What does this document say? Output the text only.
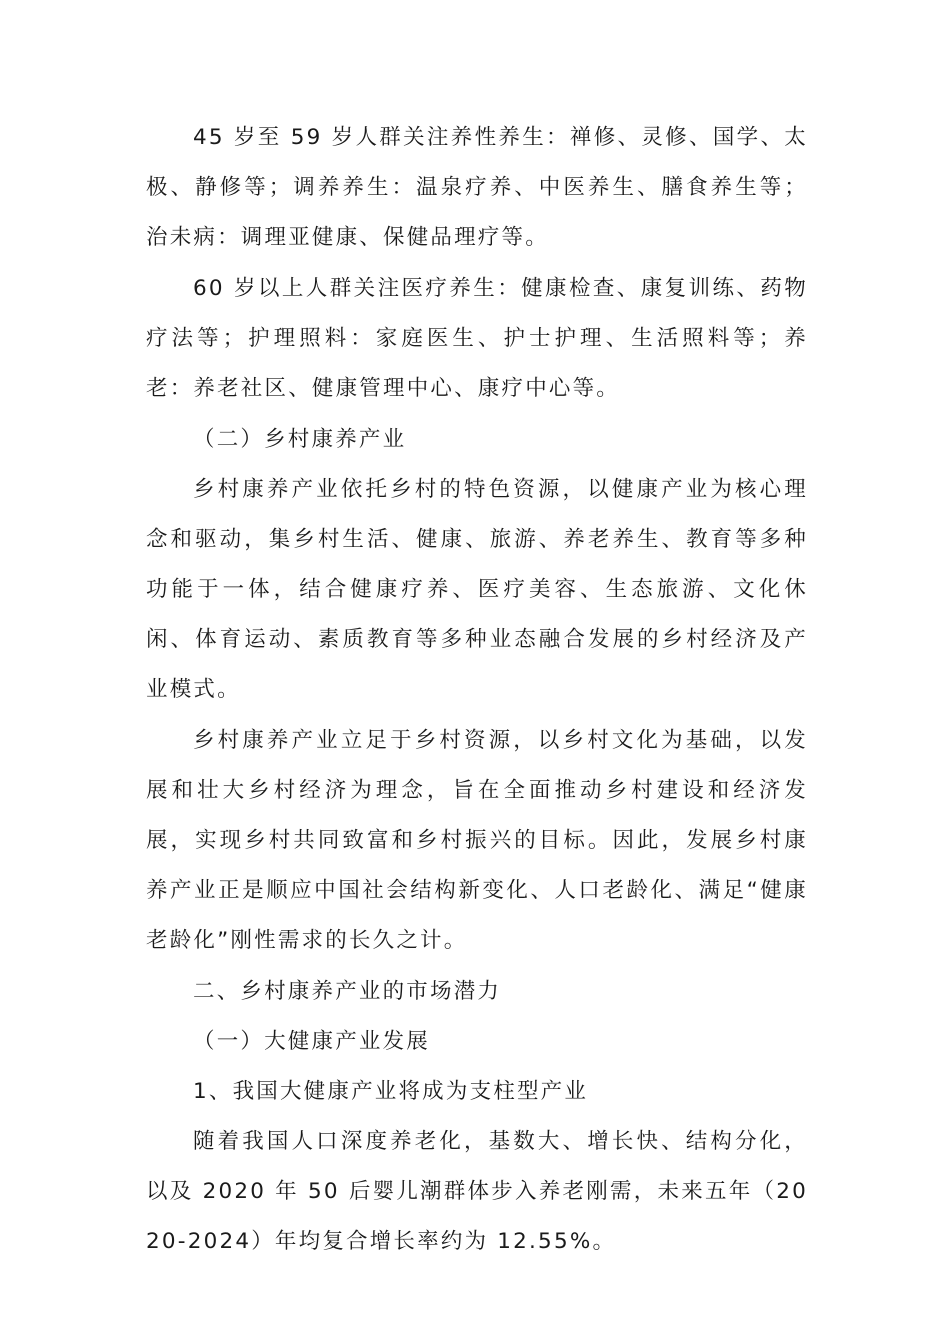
45 岁至 59 岁人群关注养性养生：禅修、灵修、国学、太极、静修等；调养养生：温泉疗养、中医养生、膳食养生等；治未病：调理亚健康、保健品理疗等。

60 岁以上人群关注医疗养生：健康检查、康复训练、药物疗法等；护理照料：家庭医生、护士护理、生活照料等；养老：养老社区、健康管理中心、康疗中心等。

（二）乡村康养产业

乡村康养产业依托乡村的特色资源，以健康产业为核心理念和驱动，集乡村生活、健康、旅游、养老养生、教育等多种功能于一体，结合健康疗养、医疗美容、生态旅游、文化休闲、体育运动、素质教育等多种业态融合发展的乡村经济及产业模式。

乡村康养产业立足于乡村资源，以乡村文化为基础，以发展和壮大乡村经济为理念，旨在全面推动乡村建设和经济发展，实现乡村共同致富和乡村振兴的目标。因此，发展乡村康养产业正是顺应中国社会结构新变化、人口老龄化、满足“健康老龄化”刚性需求的长久之计。

二、乡村康养产业的市场潜力

（一）大健康产业发展

1、我国大健康产业将成为支柱型产业

随着我国人口深度养老化，基数大、增长快、结构分化，以及 2020 年 50 后婴儿潮群体步入养老刚需，未来五年（2020-2024）年均复合增长率约为 12.55%。
